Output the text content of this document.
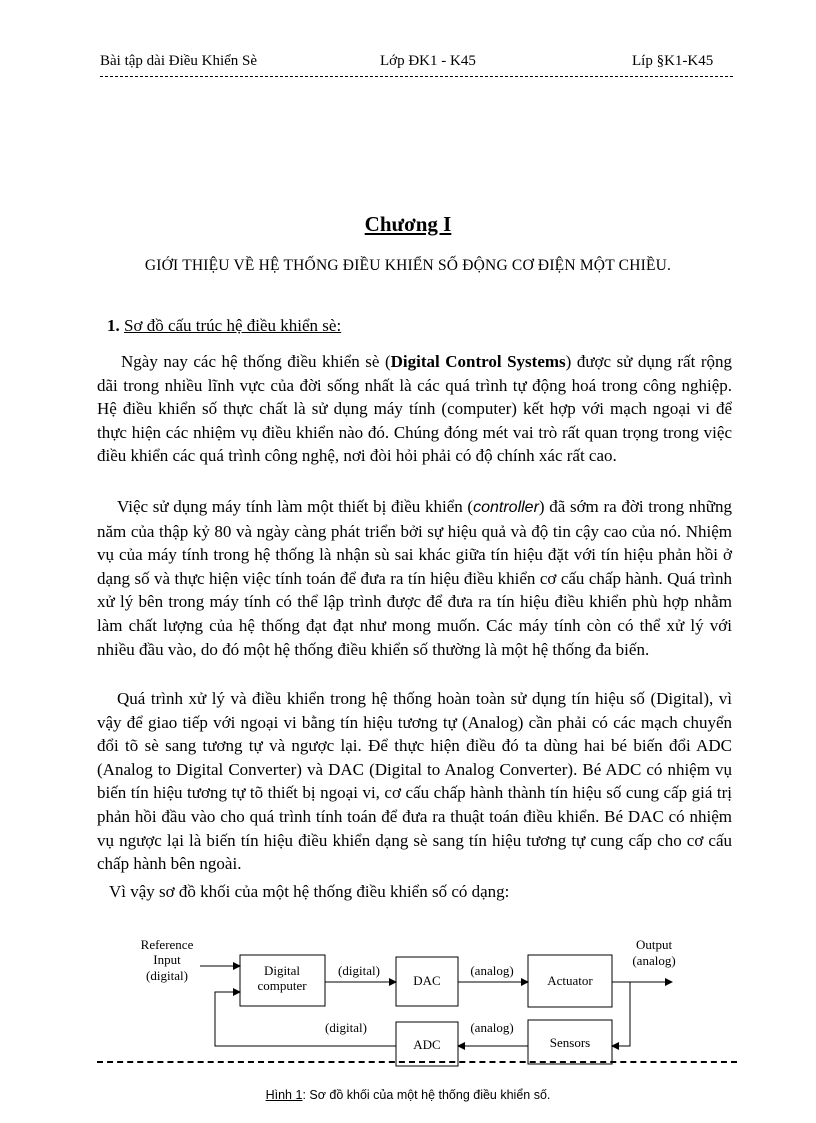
Bài tập dài Điều Khiển Sè	Lớp ĐK1 - K45	Líp §K1-K45
Chương I
GIỚI THIỆU VỀ HỆ THỐNG ĐIỀU KHIỂN SỐ ĐỘNG CƠ ĐIỆN MỘT CHIỀU.
1. Sơ đồ cấu trúc hệ điều khiển sè:

Ngày nay các hệ thống điều khiển sè (Digital Control Systems) được sử dụng rất rộng dãi trong nhiều lĩnh vực của đời sống nhất là các quá trình tự động hoá trong công nghiệp. Hệ điều khiển số thực chất là sử dụng máy tính (computer) kết hợp với mạch ngoại vi để thực hiện các nhiệm vụ điều khiển nào đó. Chúng đóng mét vai trò rất quan trọng trong việc điều khiển các quá trình công nghệ, nơi đòi hỏi phải có độ chính xác rất cao.

Việc sử dụng máy tính làm một thiết bị điều khiển (controller) đã sớm ra đời trong những năm của thập kỷ 80 và ngày càng phát triển bởi sự hiệu quả và độ tin cậy cao của nó. Nhiệm vụ của máy tính trong hệ thống là nhận sù sai khác giữa tín hiệu đặt với tín hiệu phản hồi ở dạng số và thực hiện việc tính toán để đưa ra tín hiệu điều khiển cơ cấu chấp hành. Quá trình xử lý bên trong máy tính có thể lập trình được để đưa ra tín hiệu điều khiển phù hợp nhằm làm chất lượng của hệ thống đạt đạt như mong muốn. Các máy tính còn có thể xử lý với nhiều đầu vào, do đó một hệ thống điều khiển số thường là một hệ thống đa biến.

Quá trình xử lý và điều khiển trong hệ thống hoàn toàn sử dụng tín hiệu số (Digital), vì vậy để giao tiếp với ngoại vi bằng tín hiệu tương tự (Analog) cần phải có các mạch chuyển đổi tõ sè sang tương tự và ngược lại. Để thực hiện điều đó ta dùng hai bé biến đổi ADC (Analog to Digital Converter) và DAC (Digital to Analog Converter). Bé ADC có nhiệm vụ biến tín hiệu tương tự tõ thiết bị ngoại vi, cơ cấu chấp hành thành tín hiệu số cung cấp giá trị phản hồi đầu vào cho quá trình tính toán để đưa ra thuật toán điều khiển. Bé DAC có nhiệm vụ ngược lại là biến tín hiệu điều khiển dạng sè sang tín hiệu tương tự cung cấp cho cơ cấu chấp hành bên ngoài.

Vì vậy sơ đồ khối của một hệ thống điều khiển số có dạng:

Reference
Input
(digital)
Output
(analog)
Digital
computer	DAC	Actuator
ADC	Sensors
(digital)	(analog)
(digital)	(analog)
Hình 1: Sơ đồ khối của một hệ thống điều khiển số.
